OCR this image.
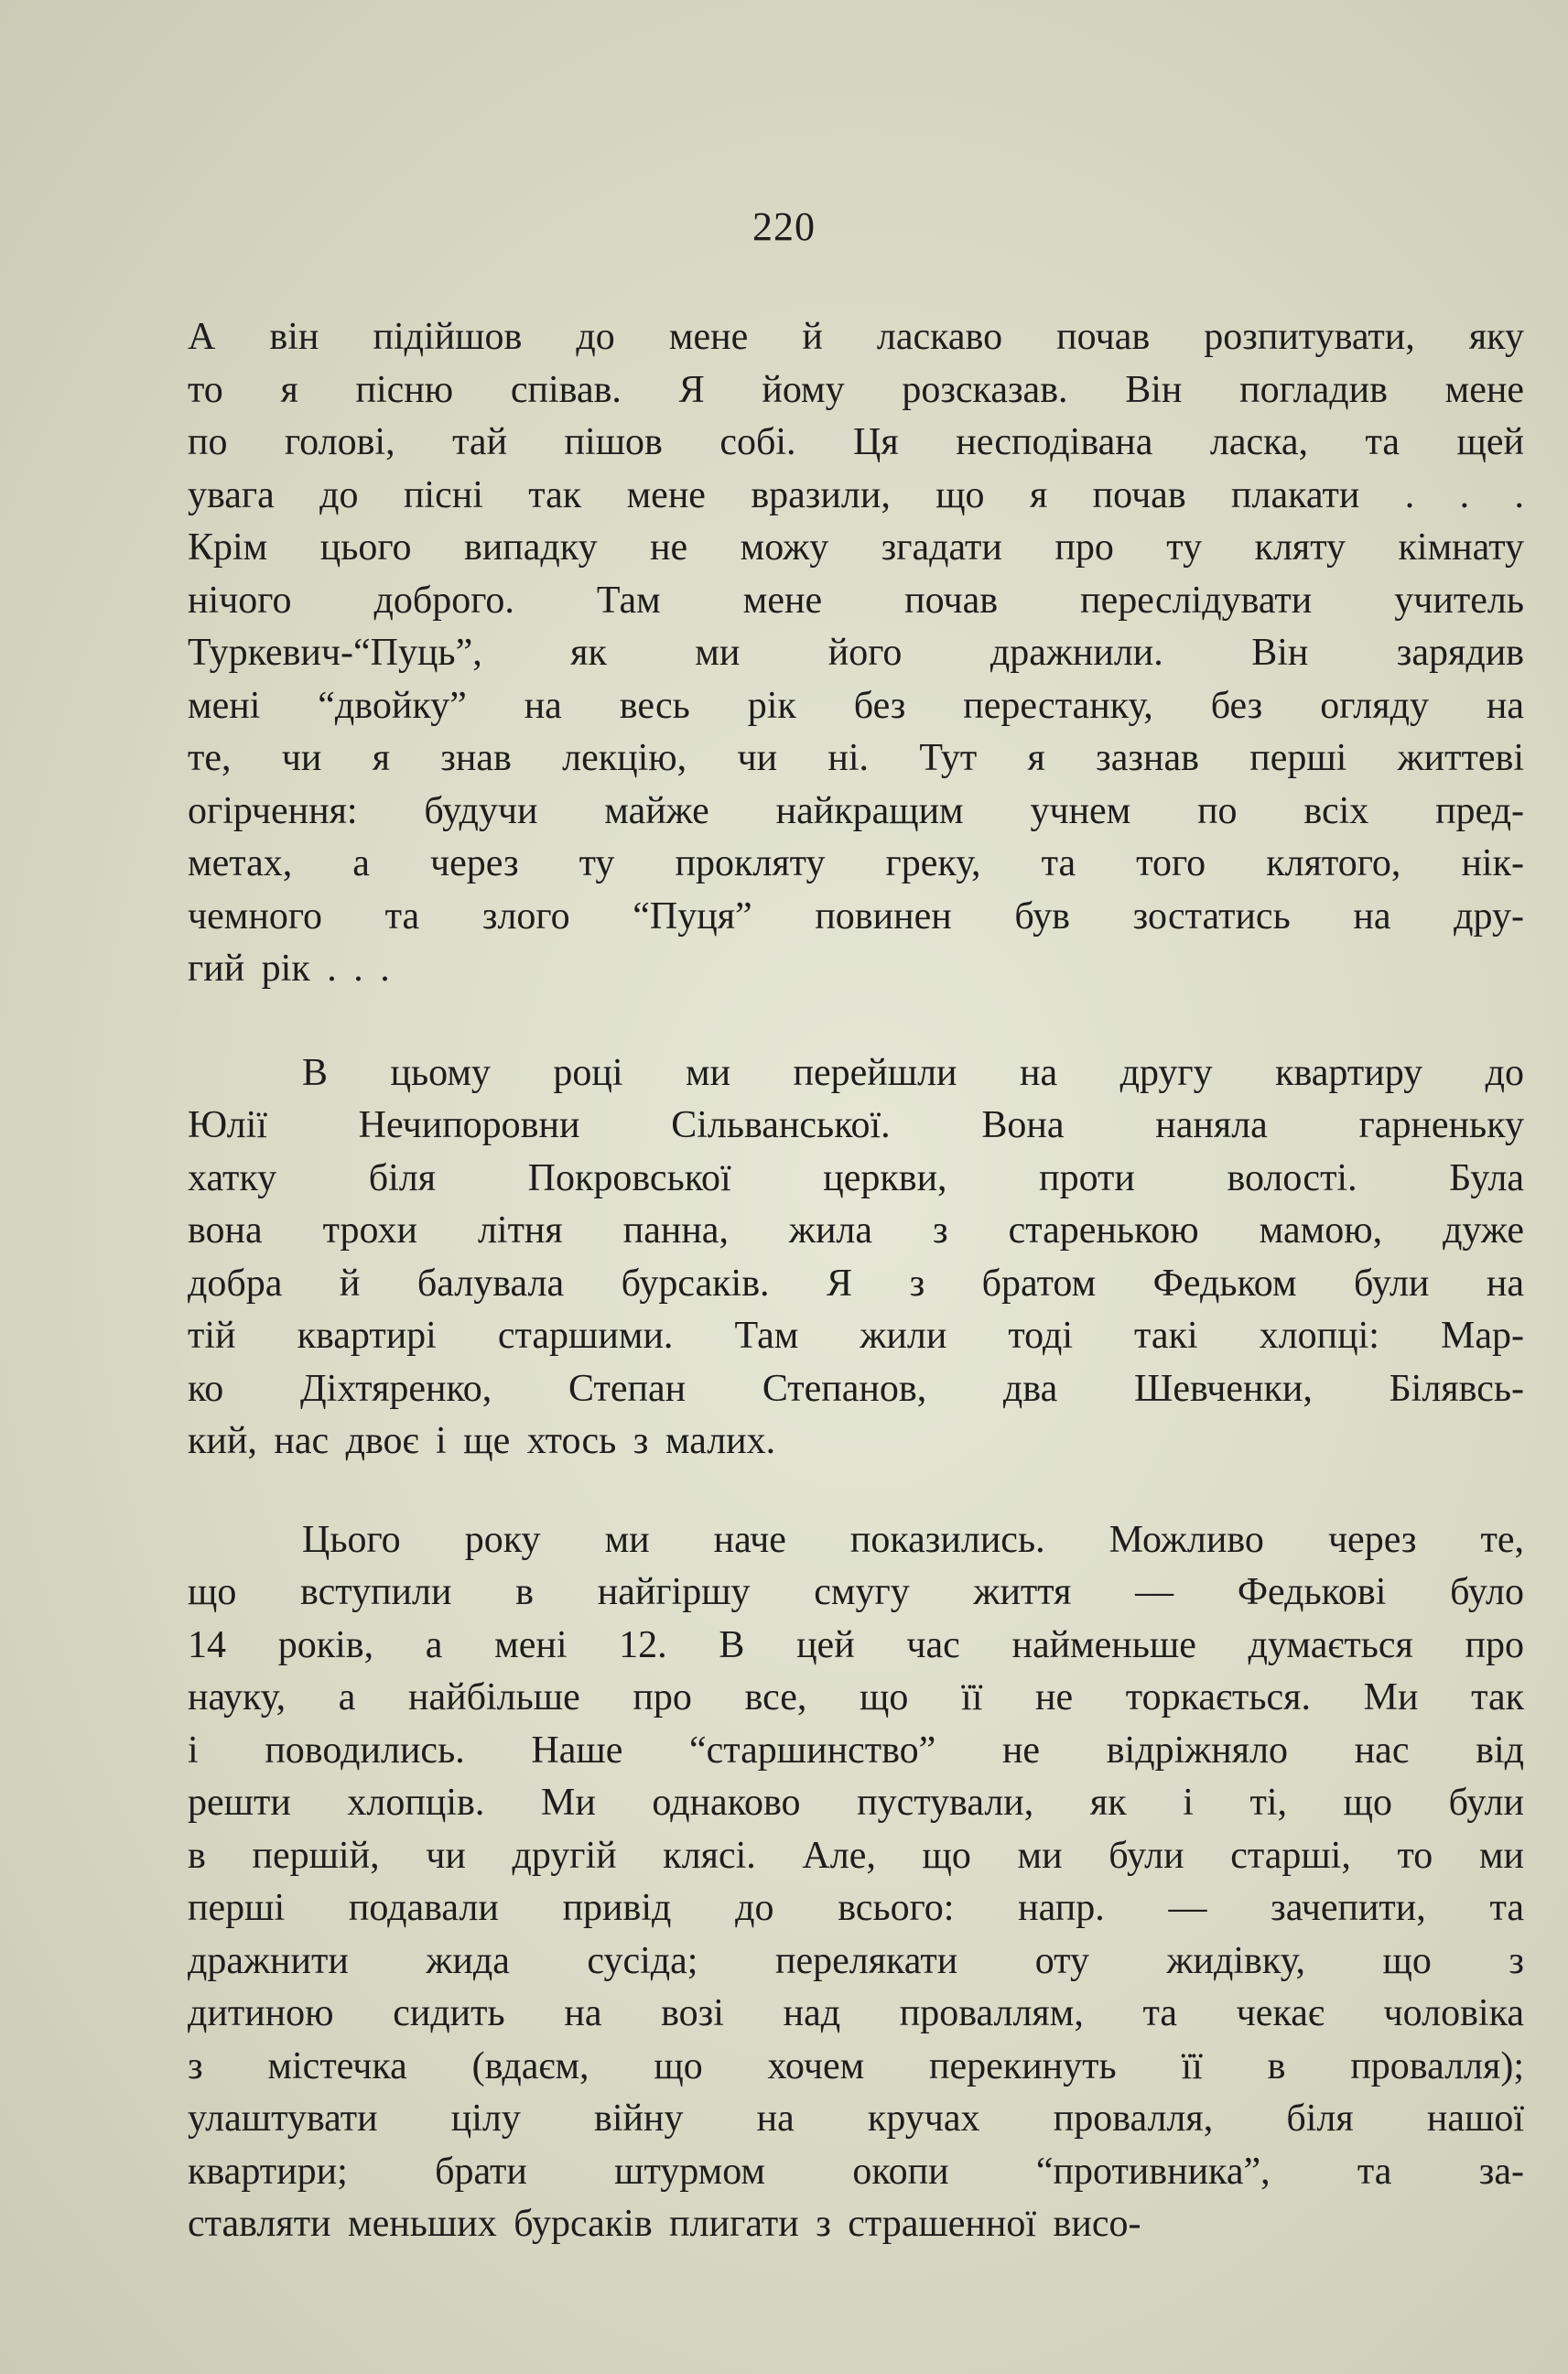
220
А він підійшов до мене й ласкаво почав розпитувати, яку
то я пісню співав. Я йому розсказав. Він погладив мене
по голові, тай пішов собі. Ця несподівана ласка, та щей
увага до пісні так мене вразили, що я почав плакати . . .
Крім цього випадку не можу згадати про ту кляту кімнату
нічого доброго. Там мене почав переслідувати учитель
Туркевич-“Пуць”, як ми його дражнили. Він зарядив
мені “двойку” на весь рік без перестанку, без огляду на
те, чи я знав лекцію, чи ні. Тут я зазнав перші життеві
огірчення: будучи майже найкращим учнем по всіх пред-
метах, а через ту прокляту греку, та того клятого, нік-
чемного та злого “Пуця” повинен був зостатись на дру-
гий рік . . .
В цьому році ми перейшли на другу квартиру до
Юлії Нечипоровни Сільванської. Вона наняла гарненьку
хатку біля Покровської церкви, проти волості. Була
вона трохи літня панна, жила з старенькою мамою, дуже
добра й балувала бурсаків. Я з братом Федьком були на
тій квартирі старшими. Там жили тоді такі хлопці: Мар-
ко Діхтяренко, Степан Степанов, два Шевченки, Білявсь-
кий, нас двоє і ще хтось з малих.
Цього року ми наче показились. Можливо через те,
що вступили в найгіршу смугу життя — Федькові було
14 років, а мені 12. В цей час найменьше думається про
науку, а найбільше про все, що її не торкається. Ми так
і поводились. Наше “старшинство” не відріжняло нас від
решти хлопців. Ми однаково пустували, як і ті, що були
в першій, чи другій клясі. Але, що ми були старші, то ми
перші подавали привід до всього: напр. — зачепити, та
дражнити жида сусіда; перелякати оту жидівку, що з
дитиною сидить на возі над проваллям, та чекає чоловіка
з містечка (вдаєм, що хочем перекинуть її в провалля);
улаштувати цілу війну на кручах провалля, біля нашої
квартири; брати штурмом окопи “противника”, та за-
ставляти меньших бурсаків плигати з страшенної висо-
